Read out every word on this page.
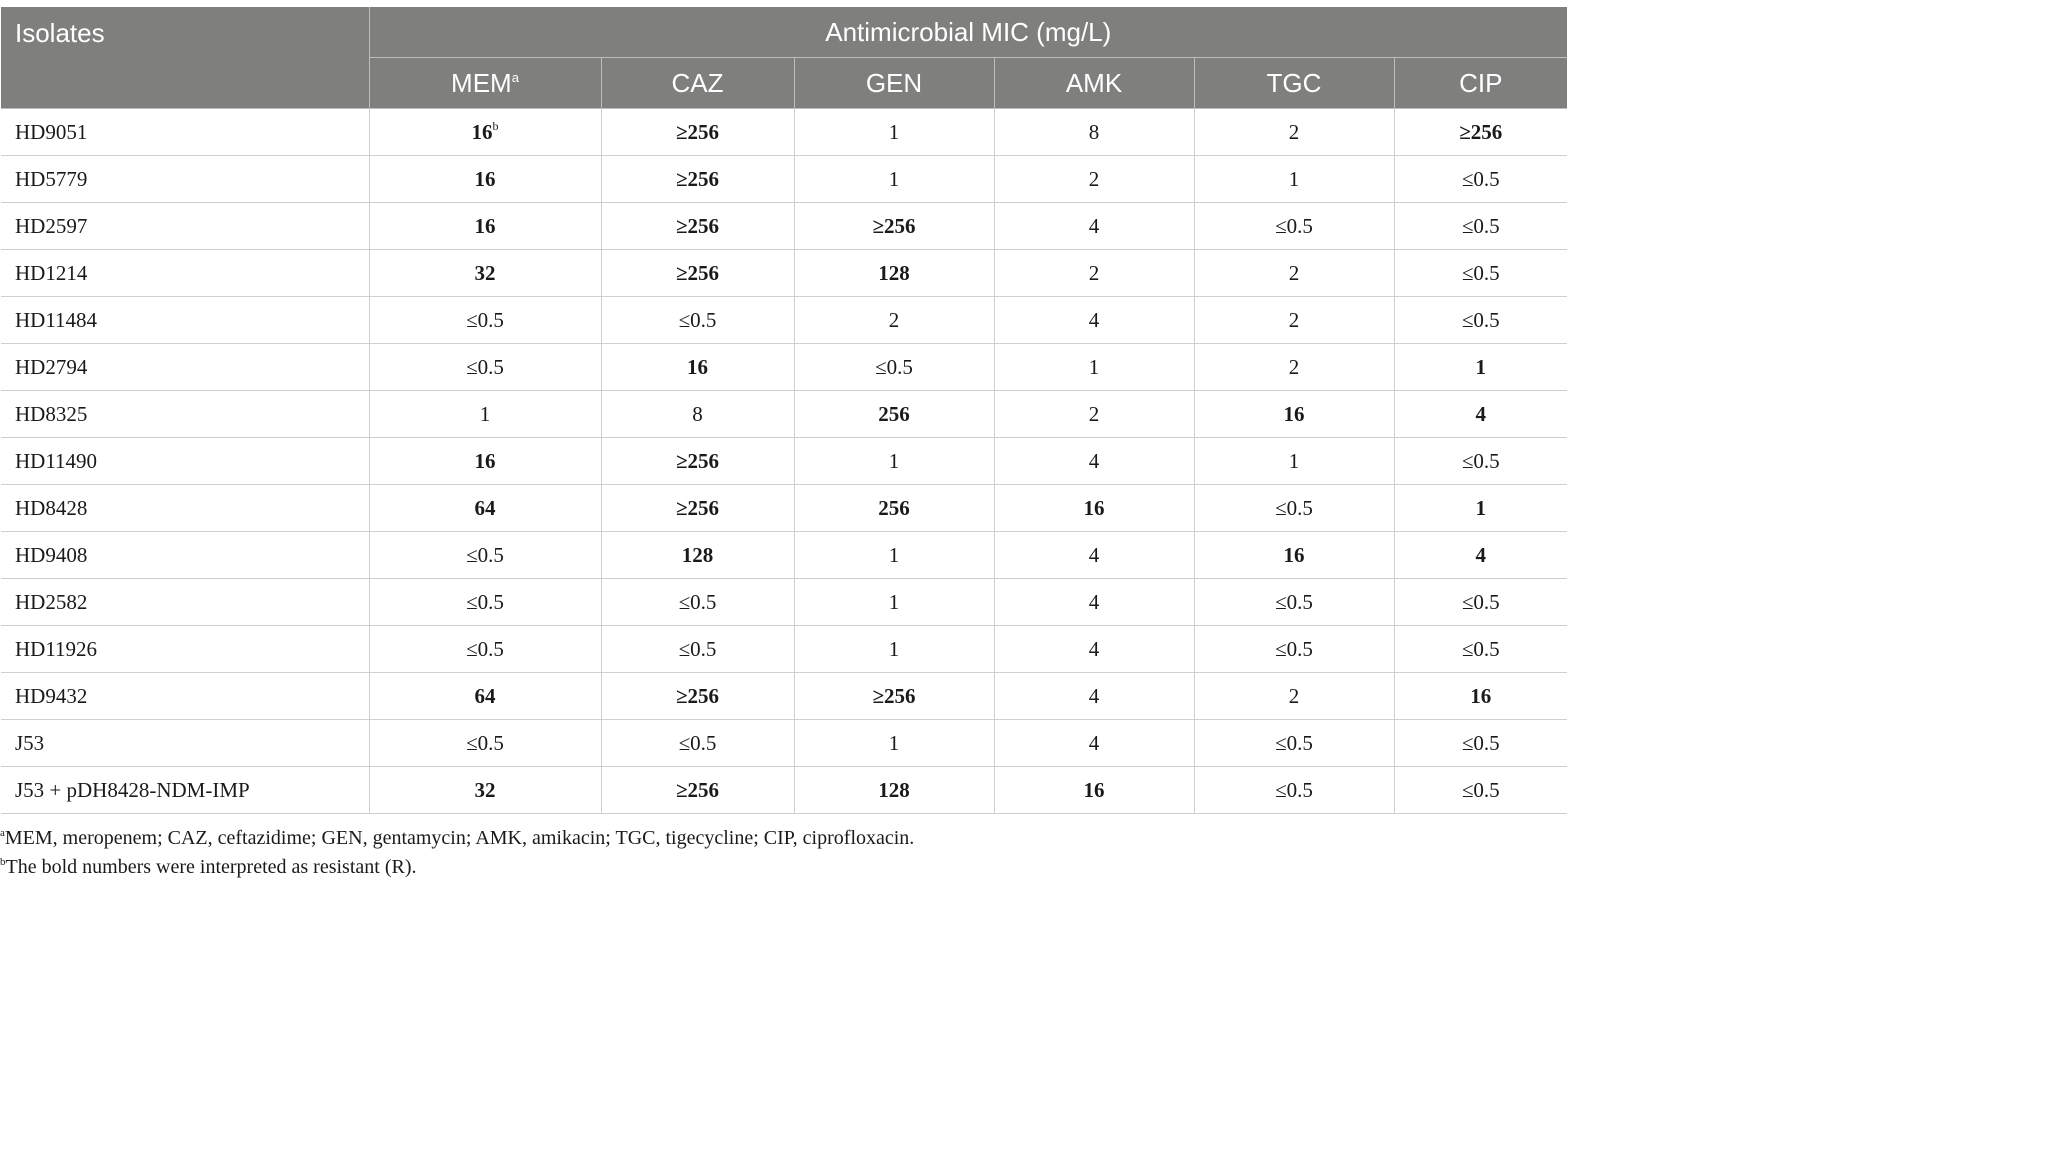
Isolates	Antimicrobial MIC (mg/L)					
	MEM$^a$	CAZ	GEN	AMK	TGC	CIP
HD9051	$16^b$	≥256	1	8	2	≥256
HD5779	16	≥256	1	2	1	≤0.5
HD2597	16	≥256	≥256	4	≤0.5	≤0.5
HD1214	32	≥256	128	2	2	≤0.5
HD11484	≤0.5	≤0.5	2	4	2	≤0.5
HD2794	≤0.5	16	≤0.5	1	2	1
HD8325	1	8	256	2	16	4
HD11490	16	≥256	1	4	1	≤0.5
HD8428	64	≥256	256	16	≤0.5	1
HD9408	≤0.5	128	1	4	16	4
HD2582	≤0.5	≤0.5	1	4	≤0.5	≤0.5
HD11926	≤0.5	≤0.5	1	4	≤0.5	≤0.5
HD9432	64	≥256	≥256	4	2	16
J53	≤0.5	≤0.5	1	4	≤0.5	≤0.5
J53 + pDH8428-NDM-IMP	32	≥256	128	16	≤0.5	≤0.5
$^a$MEM, meropenem; CAZ, ceftazidime; GEN, gentamycin; AMK, amikacin; TGC, tigecycline; CIP, ciprofloxacin.
$^b$The bold numbers were interpreted as resistant (R).
